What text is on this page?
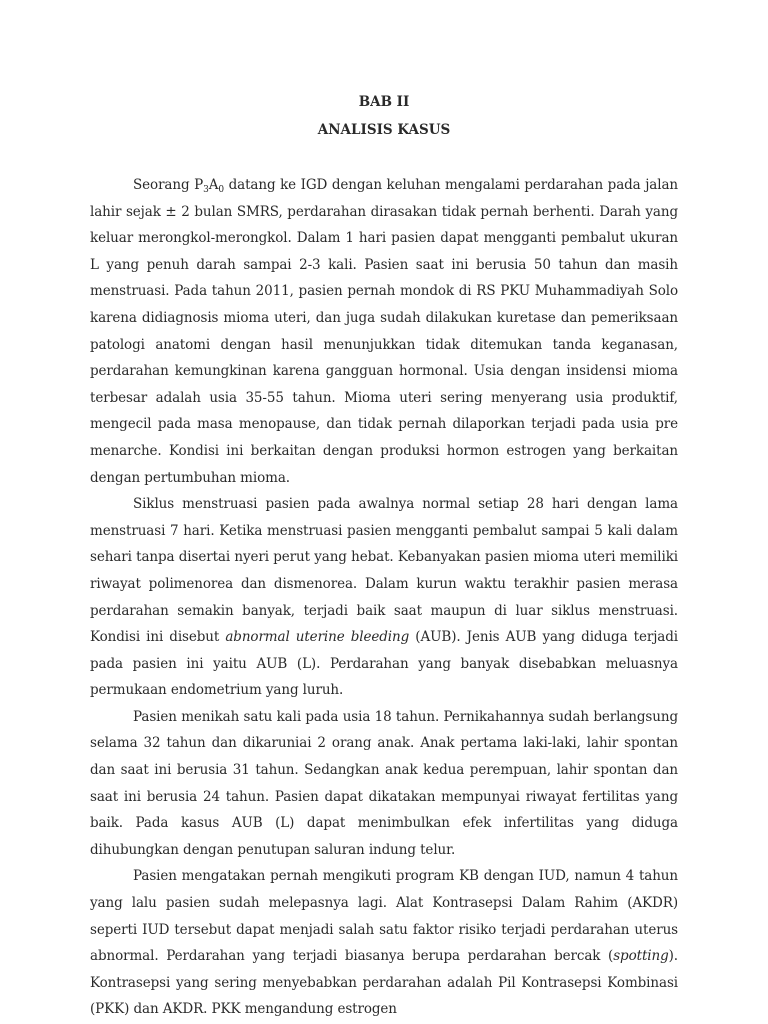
BAB II

ANALISIS KASUS

Seorang $P_3A_0$ datang ke IGD dengan keluhan mengalami perdarahan pada jalan lahir sejak ± 2 bulan SMRS, perdarahan dirasakan tidak pernah berhenti. Darah yang keluar merongkol-merongkol. Dalam 1 hari pasien dapat mengganti pembalut ukuran L yang penuh darah sampai 2-3 kali. Pasien saat ini berusia 50 tahun dan masih menstruasi. Pada tahun 2011, pasien pernah mondok di RS PKU Muhammadiyah Solo karena didiagnosis mioma uteri, dan juga sudah dilakukan kuretase dan pemeriksaan patologi anatomi dengan hasil menunjukkan tidak ditemukan tanda keganasan, perdarahan kemungkinan karena gangguan hormonal. Usia dengan insidensi mioma terbesar adalah usia 35-55 tahun. Mioma uteri sering menyerang usia produktif, mengecil pada masa menopause, dan tidak pernah dilaporkan terjadi pada usia pre menarche. Kondisi ini berkaitan dengan produksi hormon estrogen yang berkaitan dengan pertumbuhan mioma.

Siklus menstruasi pasien pada awalnya normal setiap 28 hari dengan lama menstruasi 7 hari. Ketika menstruasi pasien mengganti pembalut sampai 5 kali dalam sehari tanpa disertai nyeri perut yang hebat. Kebanyakan pasien mioma uteri memiliki riwayat polimenorea dan dismenorea. Dalam kurun waktu terakhir pasien merasa perdarahan semakin banyak, terjadi baik saat maupun di luar siklus menstruasi. Kondisi ini disebut abnormal uterine bleeding (AUB). Jenis AUB yang diduga terjadi pada pasien ini yaitu AUB (L). Perdarahan yang banyak disebabkan meluasnya permukaan endometrium yang luruh.

Pasien menikah satu kali pada usia 18 tahun. Pernikahannya sudah berlangsung selama 32 tahun dan dikaruniai 2 orang anak. Anak pertama laki-laki, lahir spontan dan saat ini berusia 31 tahun. Sedangkan anak kedua perempuan, lahir spontan dan saat ini berusia 24 tahun. Pasien dapat dikatakan mempunyai riwayat fertilitas yang baik. Pada kasus AUB (L) dapat menimbulkan efek infertilitas yang diduga dihubungkan dengan penutupan saluran indung telur.

Pasien mengatakan pernah mengikuti program KB dengan IUD, namun 4 tahun yang lalu pasien sudah melepasnya lagi. Alat Kontrasepsi Dalam Rahim (AKDR) seperti IUD tersebut dapat menjadi salah satu faktor risiko terjadi perdarahan uterus abnormal. Perdarahan yang terjadi biasanya berupa perdarahan bercak (spotting). Kontrasepsi yang sering menyebabkan perdarahan adalah Pil Kontrasepsi Kombinasi (PKK) dan AKDR. PKK mengandung estrogen
